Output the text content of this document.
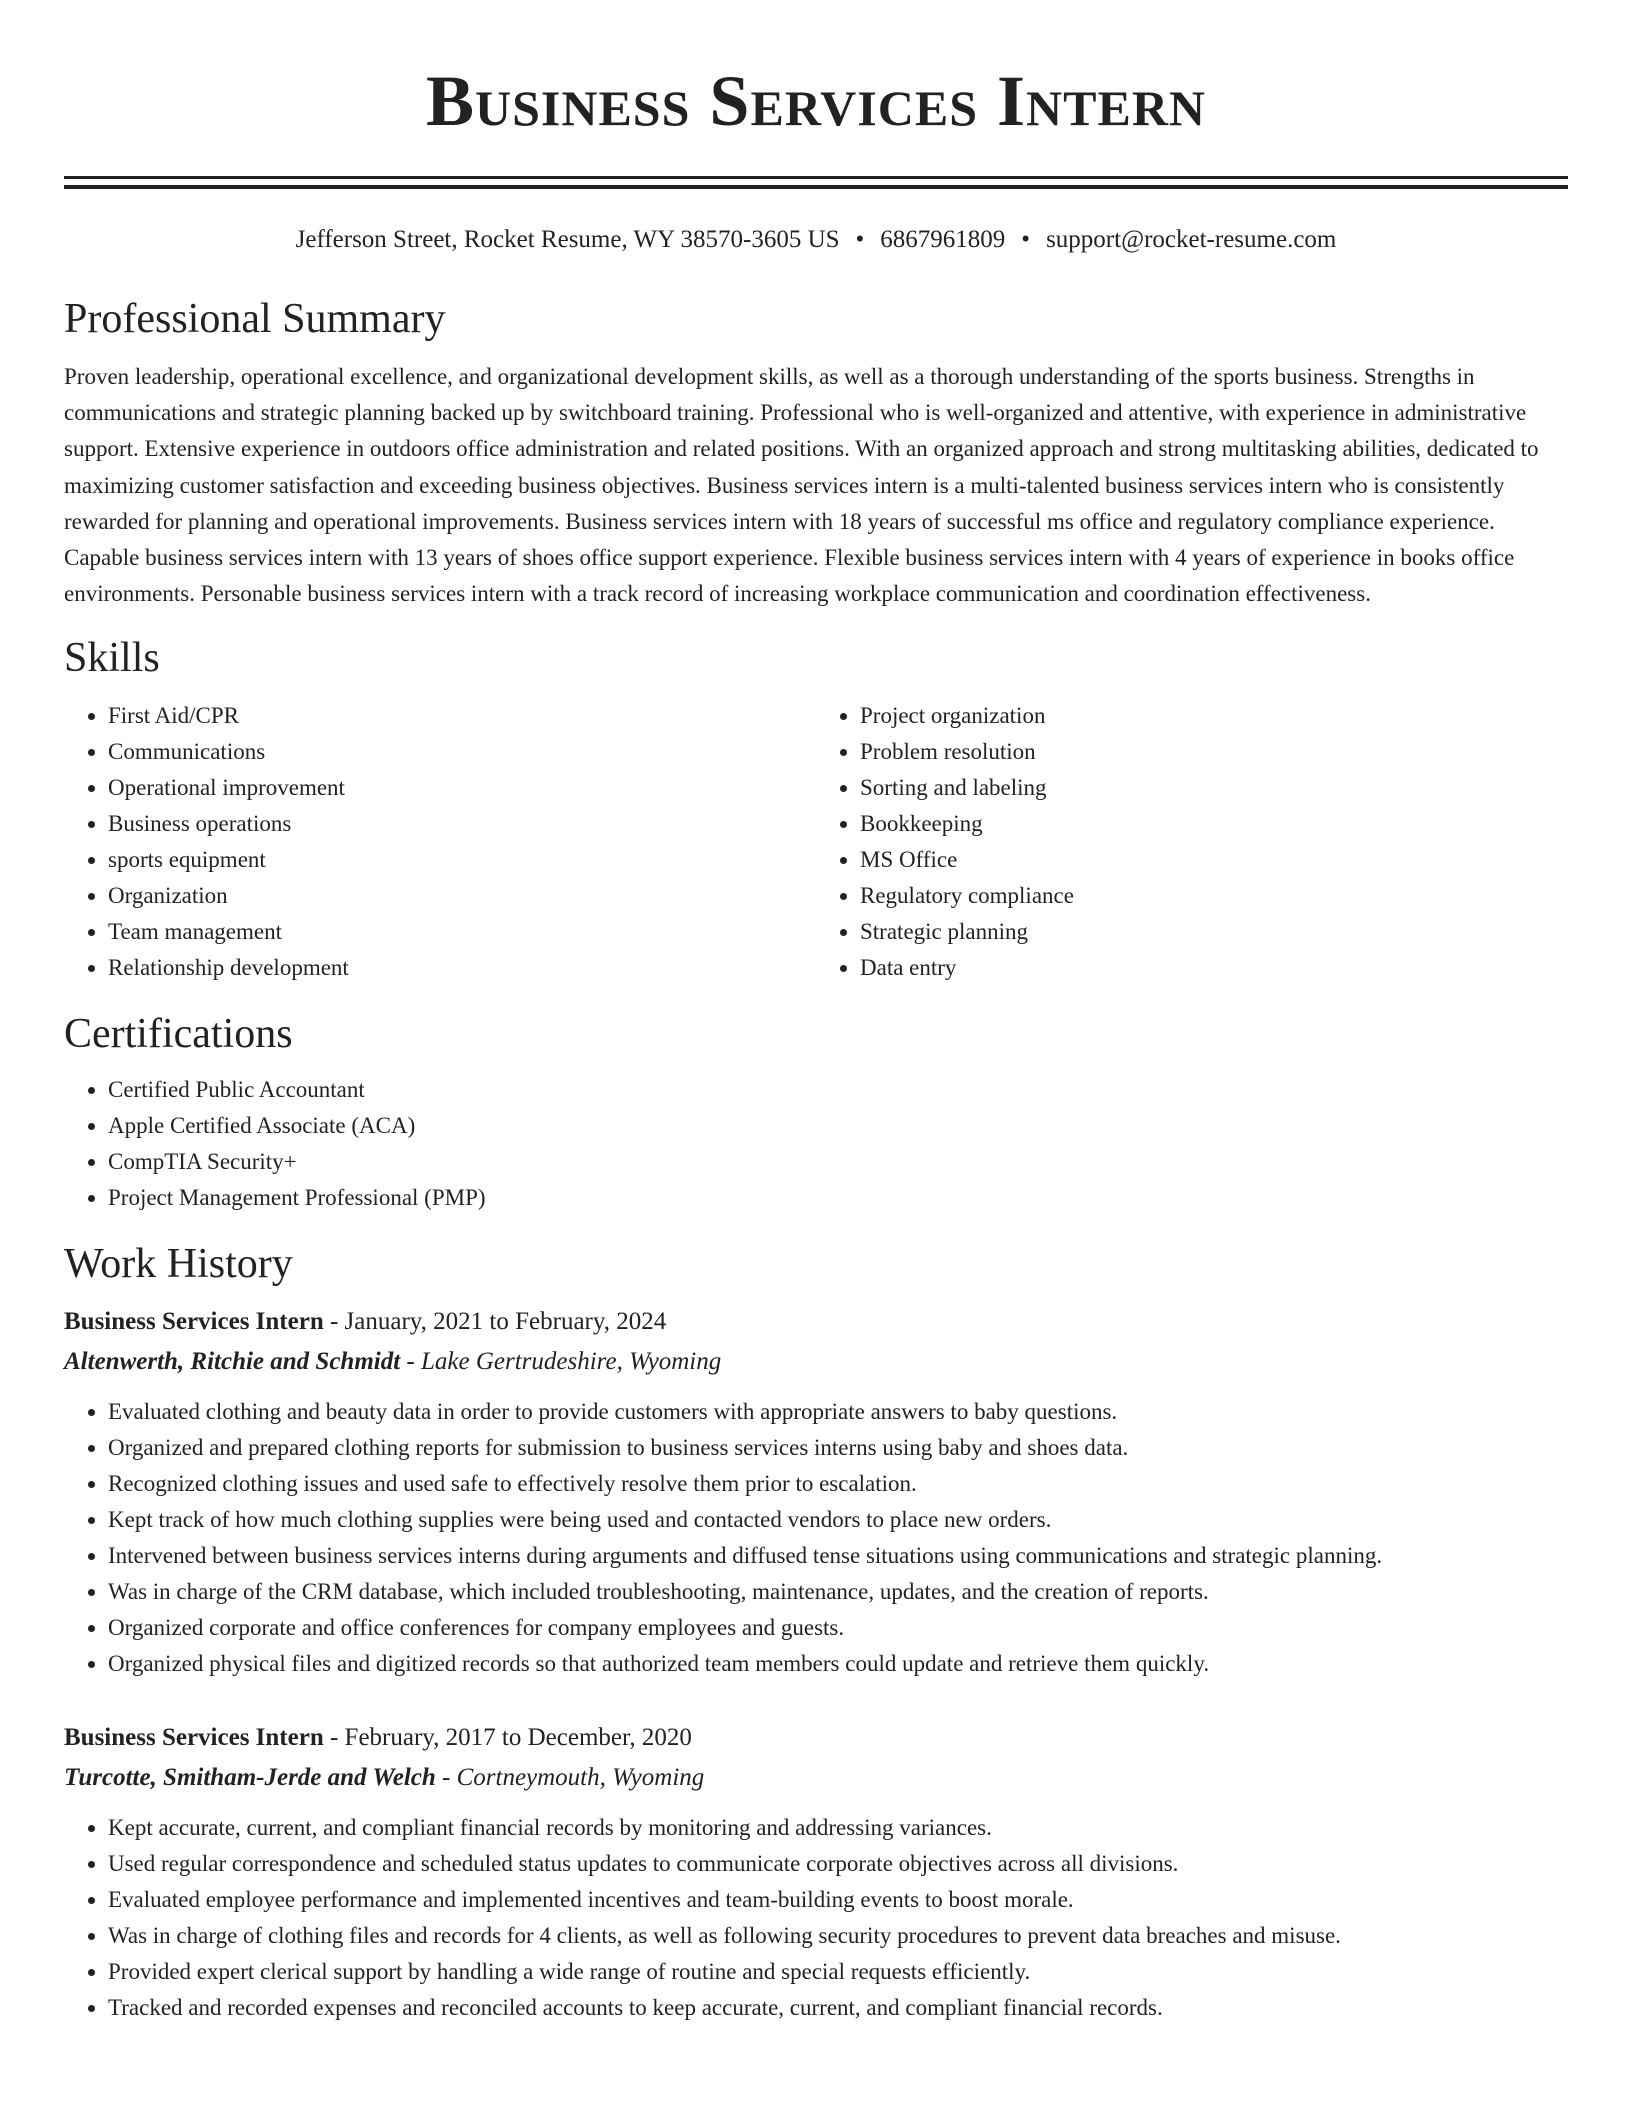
Business Services Intern
Jefferson Street, Rocket Resume, WY 38570-3605 US • 6867961809 • support@rocket-resume.com
Professional Summary
Proven leadership, operational excellence, and organizational development skills, as well as a thorough understanding of the sports business. Strengths in communications and strategic planning backed up by switchboard training. Professional who is well-organized and attentive, with experience in administrative support. Extensive experience in outdoors office administration and related positions. With an organized approach and strong multitasking abilities, dedicated to maximizing customer satisfaction and exceeding business objectives. Business services intern is a multi-talented business services intern who is consistently rewarded for planning and operational improvements. Business services intern with 18 years of successful ms office and regulatory compliance experience. Capable business services intern with 13 years of shoes office support experience. Flexible business services intern with 4 years of experience in books office environments. Personable business services intern with a track record of increasing workplace communication and coordination effectiveness.
Skills
• First Aid/CPR
• Communications
• Operational improvement
• Business operations
• sports equipment
• Organization
• Team management
• Relationship development
• Project organization
• Problem resolution
• Sorting and labeling
• Bookkeeping
• MS Office
• Regulatory compliance
• Strategic planning
• Data entry
Certifications
• Certified Public Accountant
• Apple Certified Associate (ACA)
• CompTIA Security+
• Project Management Professional (PMP)
Work History
Business Services Intern - January, 2021 to February, 2024
Altenwerth, Ritchie and Schmidt - Lake Gertrudeshire, Wyoming
• Evaluated clothing and beauty data in order to provide customers with appropriate answers to baby questions.
• Organized and prepared clothing reports for submission to business services interns using baby and shoes data.
• Recognized clothing issues and used safe to effectively resolve them prior to escalation.
• Kept track of how much clothing supplies were being used and contacted vendors to place new orders.
• Intervened between business services interns during arguments and diffused tense situations using communications and strategic planning.
• Was in charge of the CRM database, which included troubleshooting, maintenance, updates, and the creation of reports.
• Organized corporate and office conferences for company employees and guests.
• Organized physical files and digitized records so that authorized team members could update and retrieve them quickly.
Business Services Intern - February, 2017 to December, 2020
Turcotte, Smitham-Jerde and Welch - Cortneymouth, Wyoming
• Kept accurate, current, and compliant financial records by monitoring and addressing variances.
• Used regular correspondence and scheduled status updates to communicate corporate objectives across all divisions.
• Evaluated employee performance and implemented incentives and team-building events to boost morale.
• Was in charge of clothing files and records for 4 clients, as well as following security procedures to prevent data breaches and misuse.
• Provided expert clerical support by handling a wide range of routine and special requests efficiently.
• Tracked and recorded expenses and reconciled accounts to keep accurate, current, and compliant financial records.
